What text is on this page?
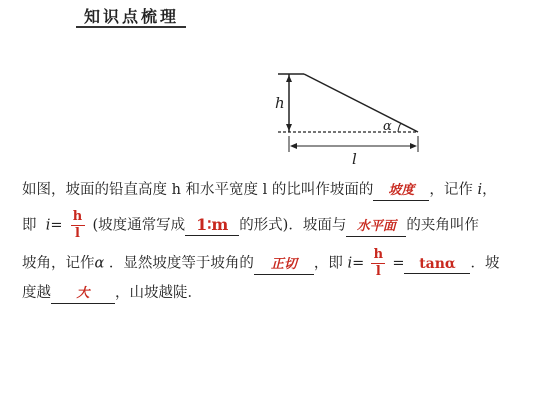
知识点梳理
h
α
l
如图，坡面的铅直高度 h 和水平宽度 l 的比叫作坡面的 坡度 ，记作 i，
即 $i= \frac{h}{l}$ (坡度通常写成 1∶m 的形式)．坡面与 水平面 的夹角叫作
坡角，记作α ．显然坡度等于坡角的 正切 ，即 $i= \frac{h}{l} = \tan\alpha$ ．坡
度越 大 ，山坡越陡．
